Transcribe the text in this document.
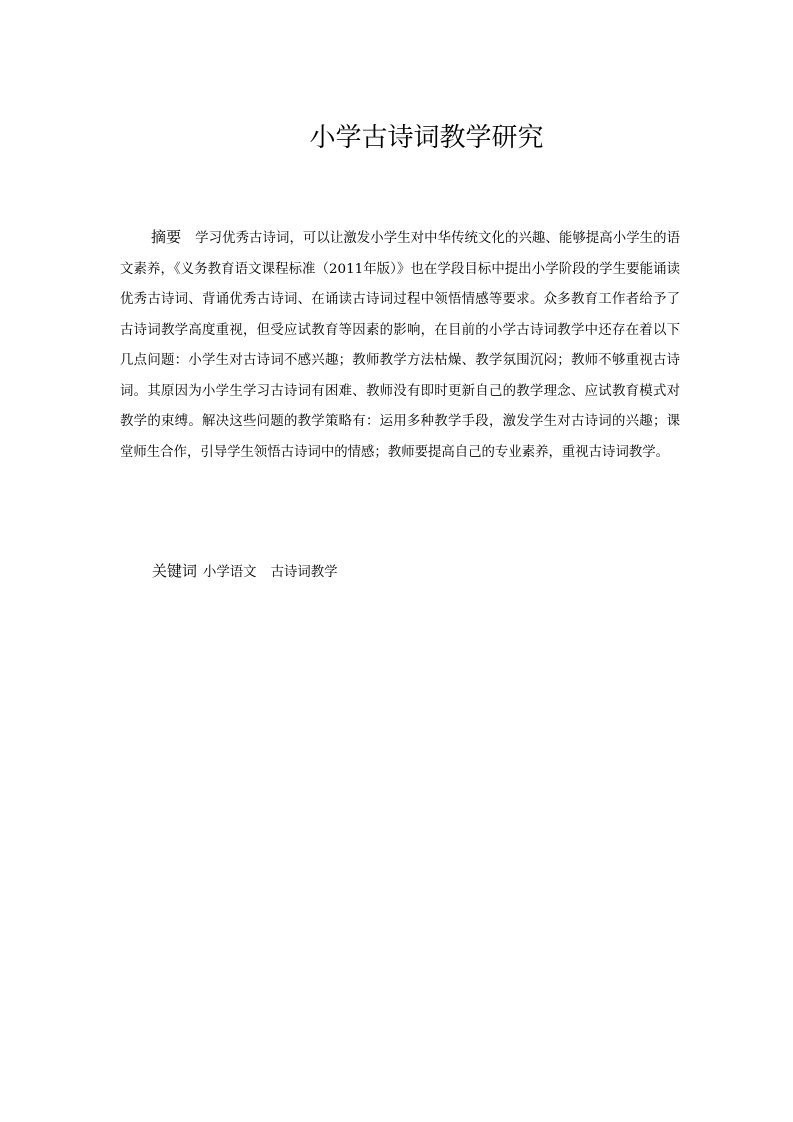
小学古诗词教学研究
摘要 学习优秀古诗词，可以让激发小学生对中华传统文化的兴趣、能够提高小学生的语文素养，《义务教育语文课程标准（2011年版）》也在学段目标中提出小学阶段的学生要能诵读优秀古诗词、背诵优秀古诗词、在诵读古诗词过程中领悟情感等要求。众多教育工作者给予了古诗词教学高度重视，但受应试教育等因素的影响，在目前的小学古诗词教学中还存在着以下几点问题：小学生对古诗词不感兴趣；教师教学方法枯燥、教学氛围沉闷；教师不够重视古诗词。其原因为小学生学习古诗词有困难、教师没有即时更新自己的教学理念、应试教育模式对教学的束缚。解决这些问题的教学策略有：运用多种教学手段，激发学生对古诗词的兴趣；课堂师生合作，引导学生领悟古诗词中的情感；教师要提高自己的专业素养，重视古诗词教学。
关键词 小学语文 古诗词教学
